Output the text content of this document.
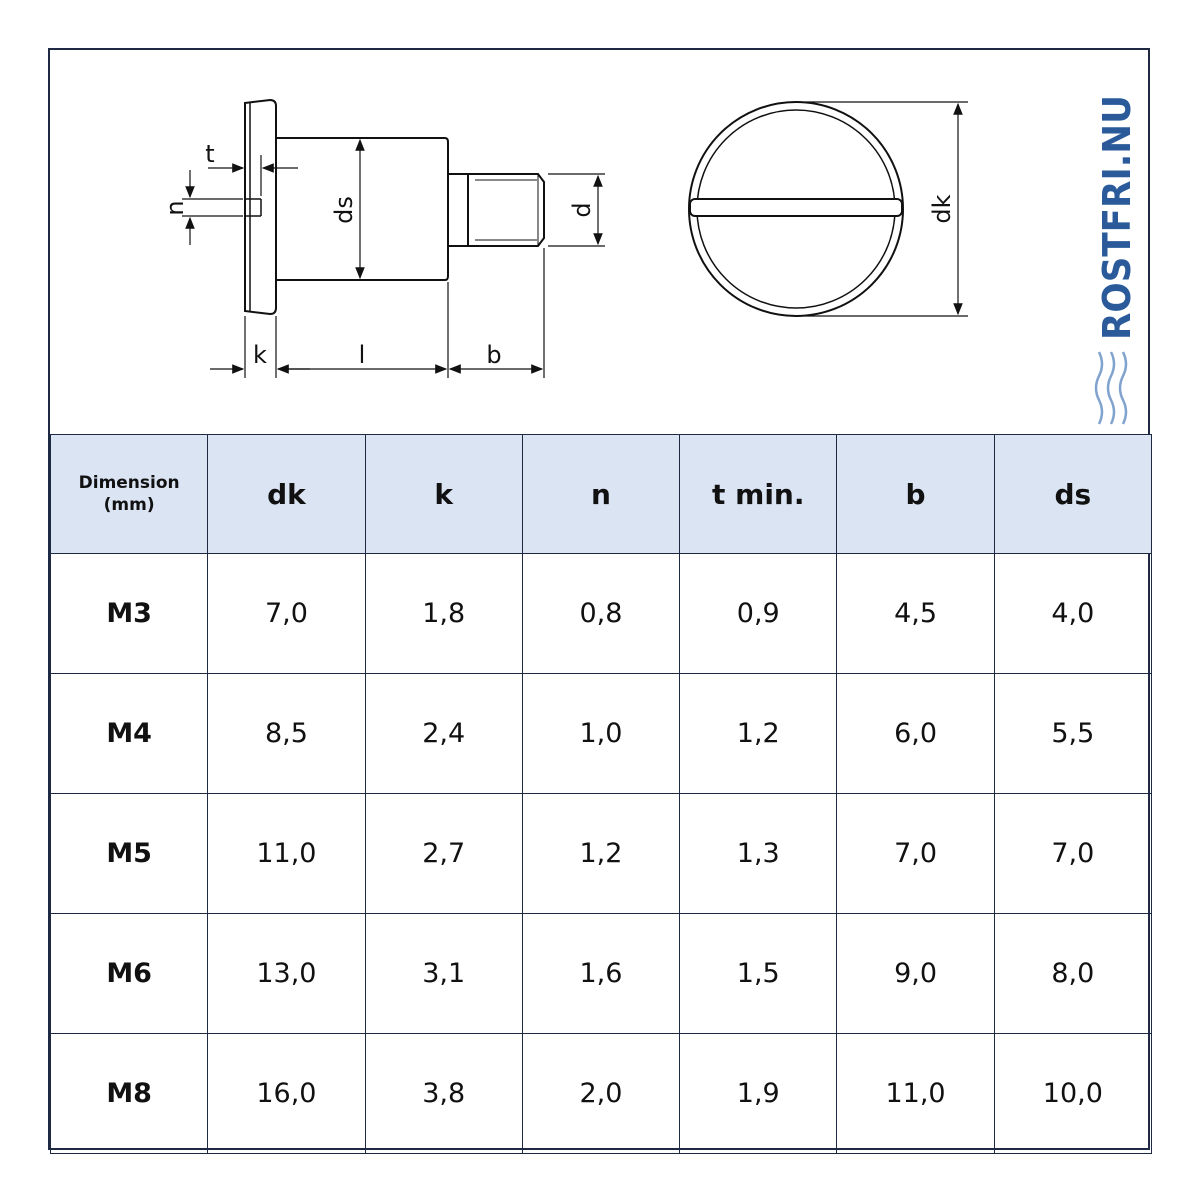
t
n	ds	d
k	l	b
dk	ROSTFRI.NU
Dimension
(mm)	dk	k	n	t min.	b	ds
M3	7,0	1,8	0,8	0,9	4,5	4,0
M4	8,5	2,4	1,0	1,2	6,0	5,5
M5	11,0	2,7	1,2	1,3	7,0	7,0
M6	13,0	3,1	1,6	1,5	9,0	8,0
M8	16,0	3,8	2,0	1,9	11,0	10,0
